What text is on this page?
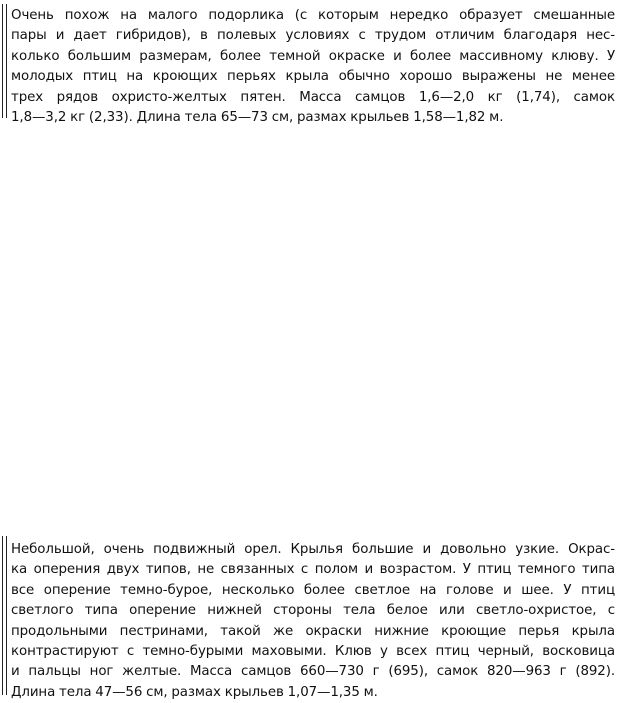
Очень похож на малого подорлика (с которым нередко образует смешанные
пары и дает гибридов), в полевых условиях с трудом отличим благодаря нес-
колько большим размерам, более темной окраске и более массивному клюву. У
молодых птиц на кроющих перьях крыла обычно хорошо выражены не менее
трех рядов охристо-желтых пятен. Масса самцов 1,6—2,0 кг (1,74), самок
1,8—3,2 кг (2,33). Длина тела 65—73 см, размах крыльев 1,58—1,82 м.
Небольшой, очень подвижный орел. Крылья большие и довольно узкие. Окрас-
ка оперения двух типов, не связанных с полом и возрастом. У птиц темного типа
все оперение темно-бурое, несколько более светлое на голове и шее. У птиц
светлого типа оперение нижней стороны тела белое или светло-охристое, с
продольными пестринами, такой же окраски нижние кроющие перья крыла
контрастируют с темно-бурыми маховыми. Клюв у всех птиц черный, восковица
и пальцы ног желтые. Масса самцов 660—730 г (695), самок 820—963 г (892).
Длина тела 47—56 см, размах крыльев 1,07—1,35 м.
